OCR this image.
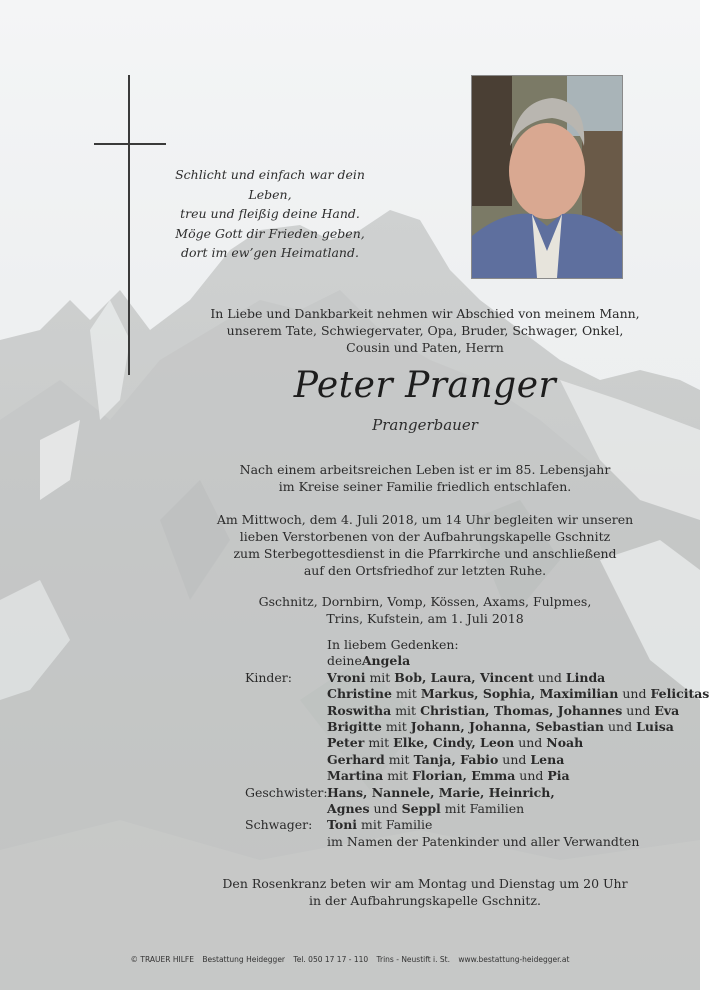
Schlicht und einfach war dein Leben,
treu und fleißig deine Hand.
Möge Gott dir Frieden geben,
dort im ew’gen Heimatland.
In Liebe und Dankbarkeit nehmen wir Abschied von meinem Mann,
unserem Tate, Schwiegervater, Opa, Bruder, Schwager, Onkel,
Cousin und Paten, Herrn
Peter Pranger
Prangerbauer
Nach einem arbeitsreichen Leben ist er im 85. Lebensjahr
im Kreise seiner Familie friedlich entschlafen.
Am Mittwoch, dem 4. Juli 2018, um 14 Uhr begleiten wir unseren
lieben Verstorbenen von der Aufbahrungskapelle Gschnitz
zum Sterbegottesdienst in die Pfarrkirche und anschließend
auf den Ortsfriedhof zur letzten Ruhe.
Gschnitz, Dornbirn, Vomp, Kössen, Axams, Fulpmes,
Trins, Kufstein, am 1. Juli 2018
In liebem Gedenken:
deine Angela
Kinder:	Vroni mit Bob, Laura, Vincent und Linda
Christine mit Markus, Sophia, Maximilian und Felicitas
Roswitha mit Christian, Thomas, Johannes und Eva
Brigitte mit Johann, Johanna, Sebastian und Luisa
Peter mit Elke, Cindy, Leon und Noah
Gerhard mit Tanja, Fabio und Lena
Martina mit Florian, Emma und Pia
Geschwister: Hans, Nannele, Marie, Heinrich,
Agnes und Seppl mit Familien
Schwager:	Toni mit Familie
im Namen der Patenkinder und aller Verwandten
Den Rosenkranz beten wir am Montag und Dienstag um 20 Uhr
in der Aufbahrungskapelle Gschnitz.
© TRAUER HILFE Bestattung Heidegger Tel. 050 17 17 - 110 Trins - Neustift i. St. www.bestattung-heidegger.at
